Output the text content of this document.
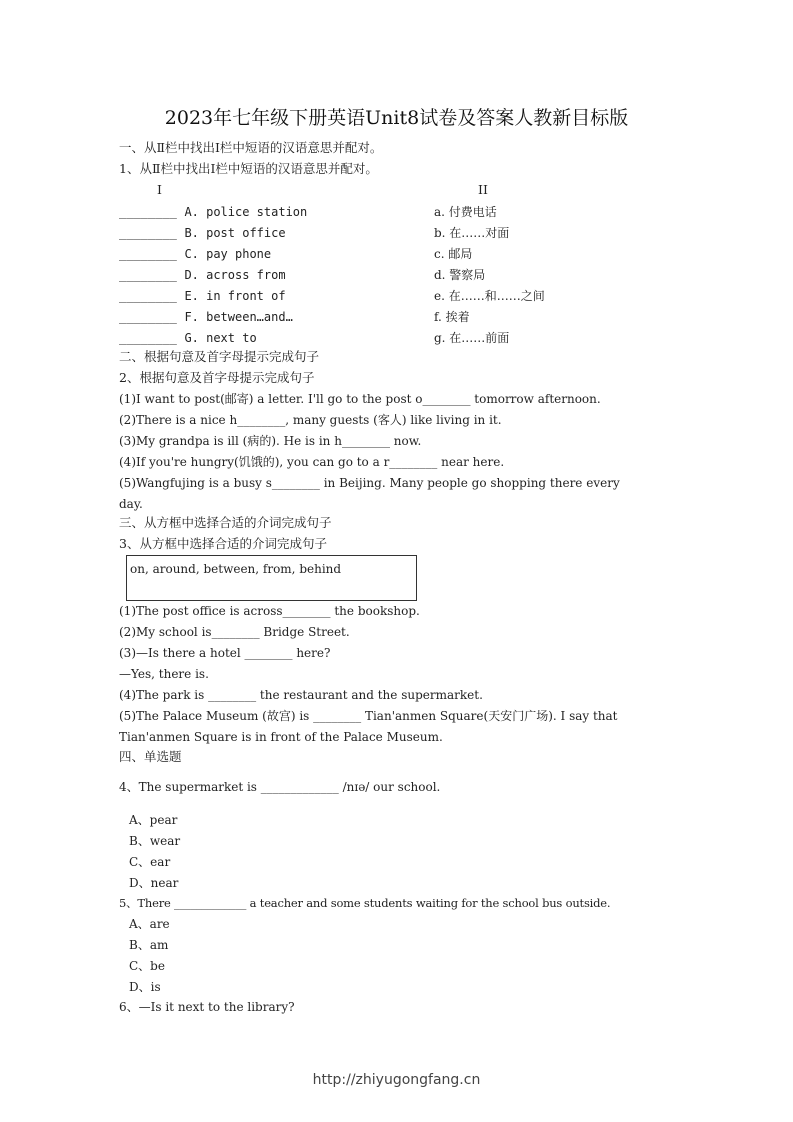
2023年七年级下册英语Unit8试卷及答案人教新目标版
一、从Ⅱ栏中找出Ⅰ栏中短语的汉语意思并配对。
1、从Ⅱ栏中找出Ⅰ栏中短语的汉语意思并配对。
I	II
________ A. police station	a. 付费电话
________ B. post office	b. 在……对面
________ C. pay phone	c. 邮局
________ D. across from	d. 警察局
________ E. in front of	e. 在……和……之间
________ F. between…and…	f. 挨着
________ G. next to	g. 在……前面
二、根据句意及首字母提示完成句子
2、根据句意及首字母提示完成句子
(1)I want to post(邮寄) a letter. I'll go to the post o________ tomorrow afternoon.
(2)There is a nice h________, many guests (客人) like living in it.
(3)My grandpa is ill (病的). He is in h________ now.
(4)If you're hungry(饥饿的), you can go to a r________ near here.
(5)Wangfujing is a busy s________ in Beijing. Many people go shopping there every
day.
三、从方框中选择合适的介词完成句子
3、从方框中选择合适的介词完成句子
on, around, between, from, behind
(1)The post office is across________ the bookshop.
(2)My school is________ Bridge Street.
(3)—Is there a hotel ________ here?
—Yes, there is.
(4)The park is ________ the restaurant and the supermarket.
(5)The Palace Museum (故宫) is ________ Tian'anmen Square(天安门广场). I say that
Tian'anmen Square is in front of the Palace Museum.
四、单选题
4、The supermarket is _____________ /nɪə/ our school.
A、pear
B、wear
C、ear
D、near
5、There _____________ a teacher and some students waiting for the school bus outside.
A、are
B、am
C、be
D、is
6、—Is it next to the library?
http://zhiyugongfang.cn
